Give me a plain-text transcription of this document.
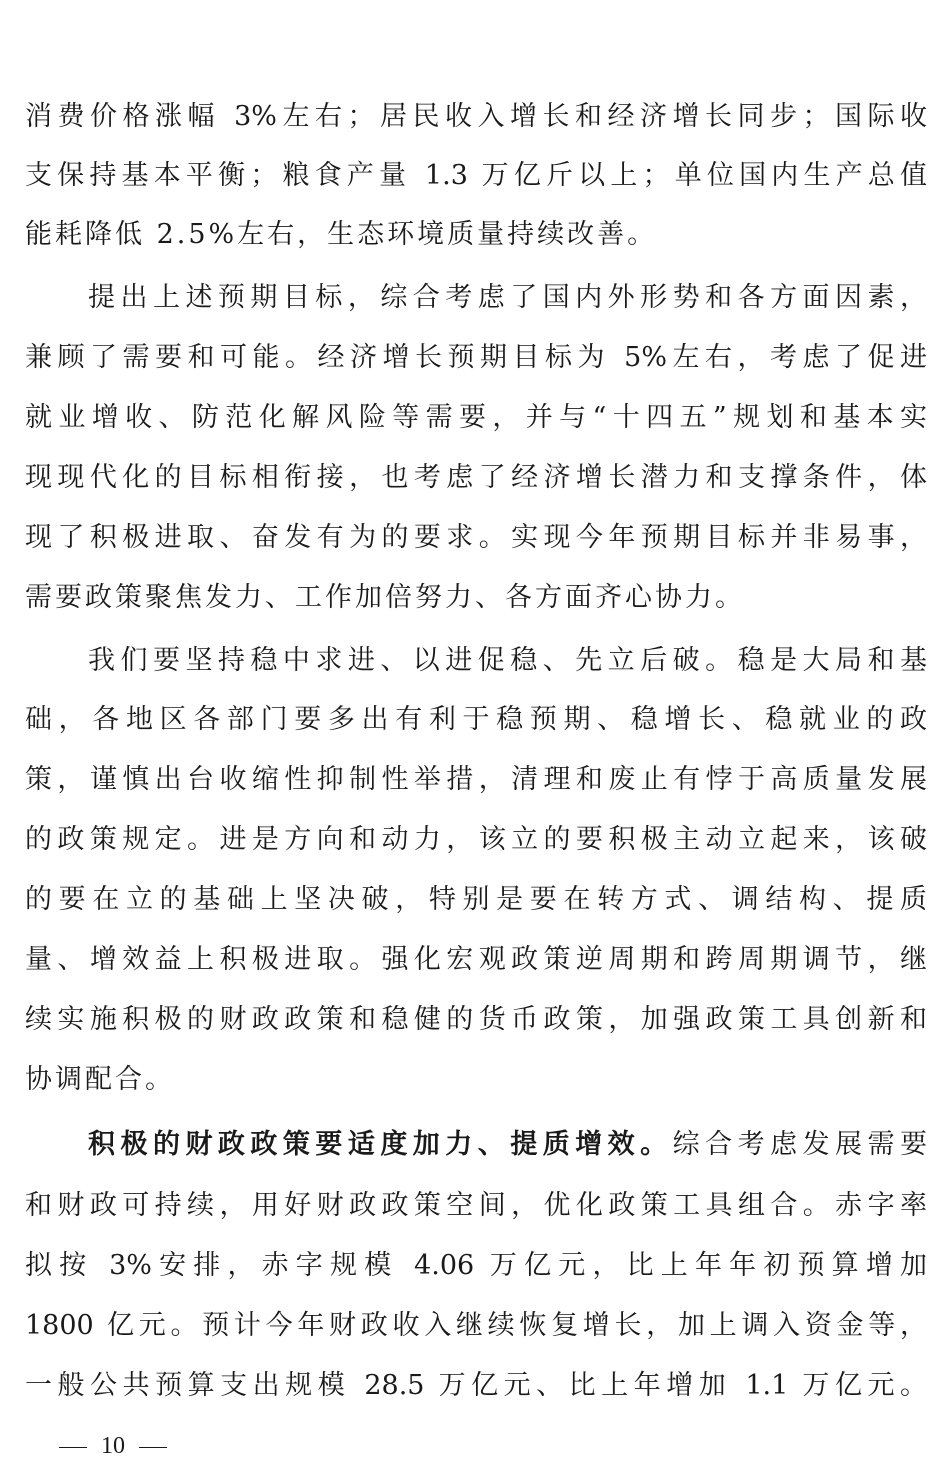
消费价格涨幅 3%左右；居民收入增长和经济增长同步；国际收
支保持基本平衡；粮食产量 1.3 万亿斤以上；单位国内生产总值
能耗降低 2.5%左右，生态环境质量持续改善。
提出上述预期目标，综合考虑了国内外形势和各方面因素，
兼顾了需要和可能。经济增长预期目标为 5%左右，考虑了促进
就业增收、防范化解风险等需要，并与“十四五”规划和基本实
现现代化的目标相衔接，也考虑了经济增长潜力和支撑条件，体
现了积极进取、奋发有为的要求。实现今年预期目标并非易事，
需要政策聚焦发力、工作加倍努力、各方面齐心协力。
我们要坚持稳中求进、以进促稳、先立后破。稳是大局和基
础，各地区各部门要多出有利于稳预期、稳增长、稳就业的政
策，谨慎出台收缩性抑制性举措，清理和废止有悖于高质量发展
的政策规定。进是方向和动力，该立的要积极主动立起来，该破
的要在立的基础上坚决破，特别是要在转方式、调结构、提质
量、增效益上积极进取。强化宏观政策逆周期和跨周期调节，继
续实施积极的财政政策和稳健的货币政策，加强政策工具创新和
协调配合。
积极的财政政策要适度加力、提质增效。综合考虑发展需要
和财政可持续，用好财政政策空间，优化政策工具组合。赤字率
拟按 3%安排，赤字规模 4.06 万亿元，比上年年初预算增加
1800 亿元。预计今年财政收入继续恢复增长，加上调入资金等，
一般公共预算支出规模 28.5 万亿元、比上年增加 1.1 万亿元。
10
